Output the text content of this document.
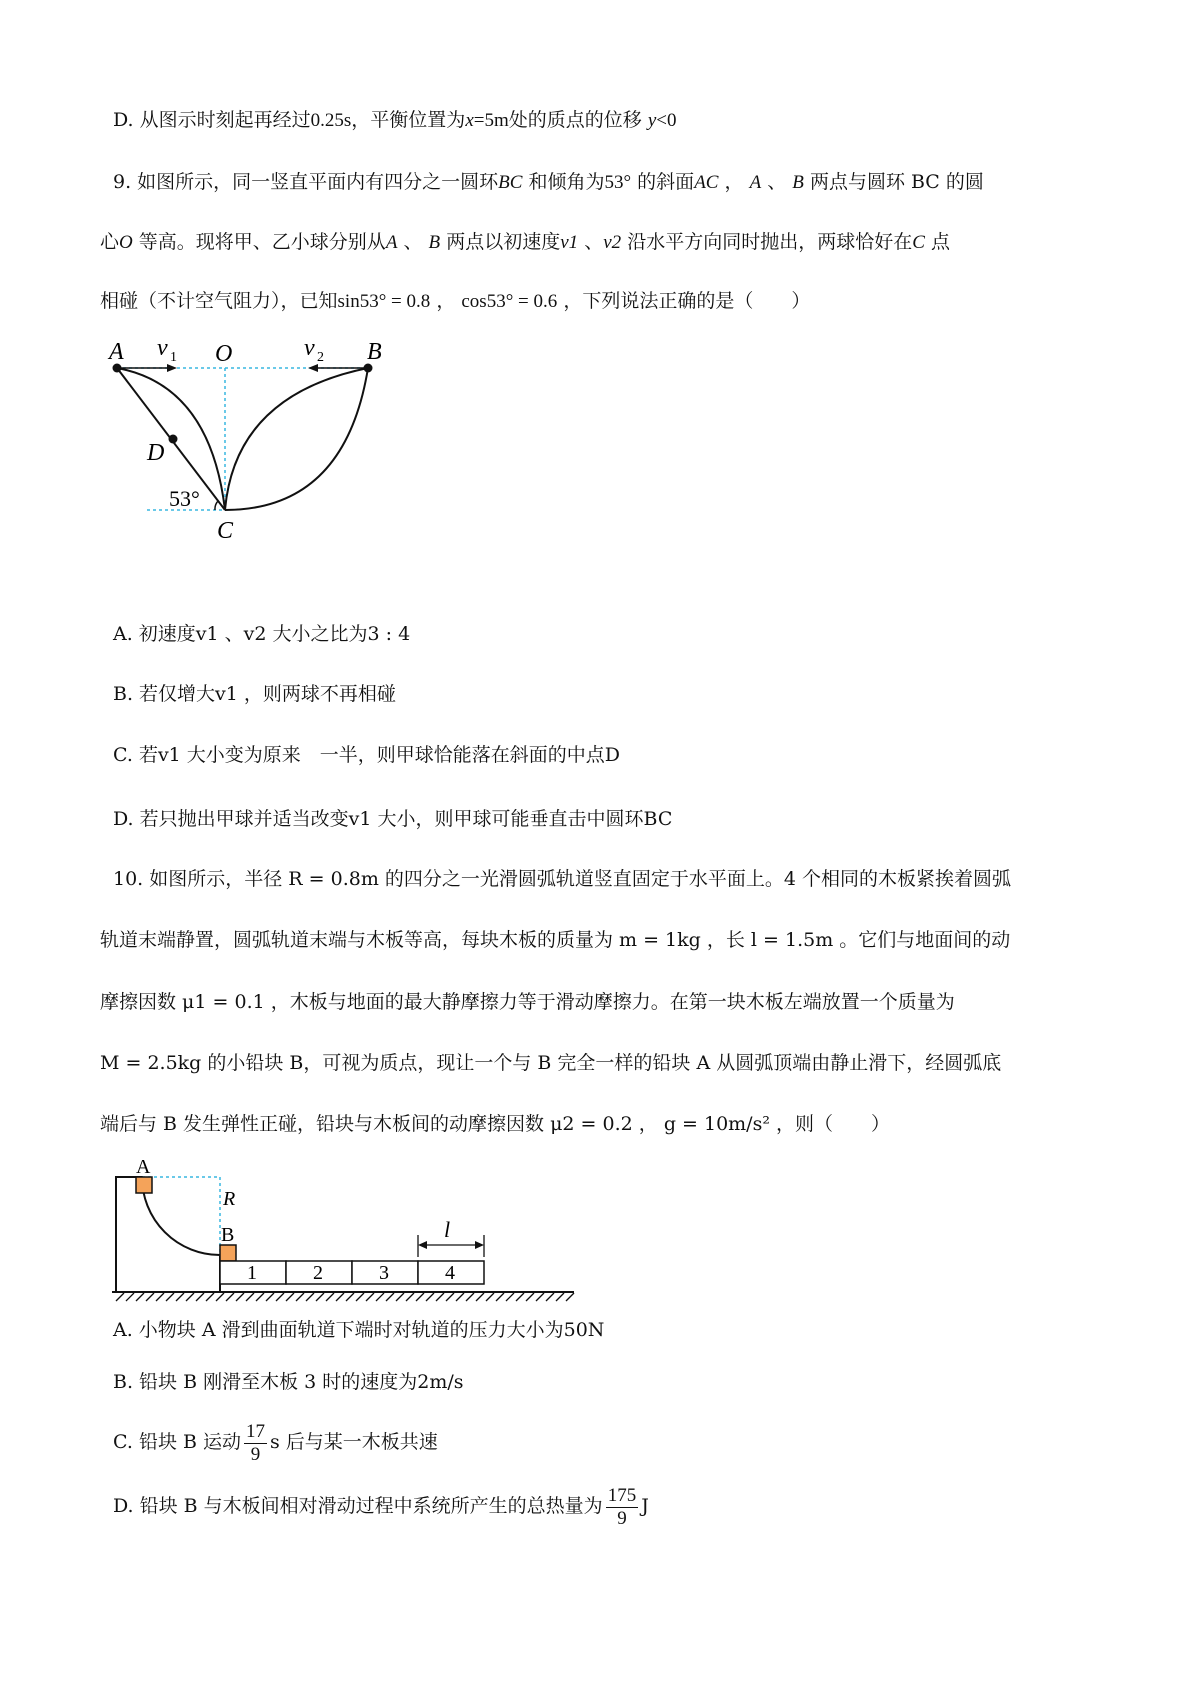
D. 从图示时刻起再经过0.25s，平衡位置为x=5m处的质点的位移 y<0
9. 如图所示，同一竖直平面内有四分之一圆环BC 和倾角为53° 的斜面AC ， A 、 B 两点与圆环 BC 的圆
心O 等高。现将甲、乙小球分别从A 、 B 两点以初速度v1 、v2 沿水平方向同时抛出，两球恰好在C 点
相碰（不计空气阻力），已知sin53° = 0.8 ， cos53° = 0.6 ，下列说法正确的是（　　）
A	B
O
D
C
v 1	v 2
53°
A. 初速度v1 、v2 大小之比为3 : 4
B. 若仅增大v1 ，则两球不再相碰
C. 若v1 大小变为原来　一半，则甲球恰能落在斜面的中点D
D. 若只抛出甲球并适当改变v1 大小，则甲球可能垂直击中圆环BC
10. 如图所示，半径 R = 0.8m 的四分之一光滑圆弧轨道竖直固定于水平面上。4 个相同的木板紧挨着圆弧
轨道末端静置，圆弧轨道末端与木板等高，每块木板的质量为 m = 1kg ，长 l = 1.5m 。它们与地面间的动
摩擦因数 μ1 = 0.1 ，木板与地面的最大静摩擦力等于滑动摩擦力。在第一块木板左端放置一个质量为
M = 2.5kg 的小铅块 B，可视为质点，现让一个与 B 完全一样的铅块 A 从圆弧顶端由静止滑下，经圆弧底
端后与 B 发生弹性正碰，铅块与木板间的动摩擦因数 μ2 = 0.2 ， g = 10m/s² ，则（　　）
A
R
B	l
1	2	3	4
A. 小物块 A 滑到曲面轨道下端时对轨道的压力大小为50N
B. 铅块 B 刚滑至木板 3 时的速度为2m/s
C. 铅块 B 运动 $\frac{17}{9}$ s 后与某一木板共速
D. 铅块 B 与木板间相对滑动过程中系统所产生的总热量为 $\frac{175}{9}$ J
